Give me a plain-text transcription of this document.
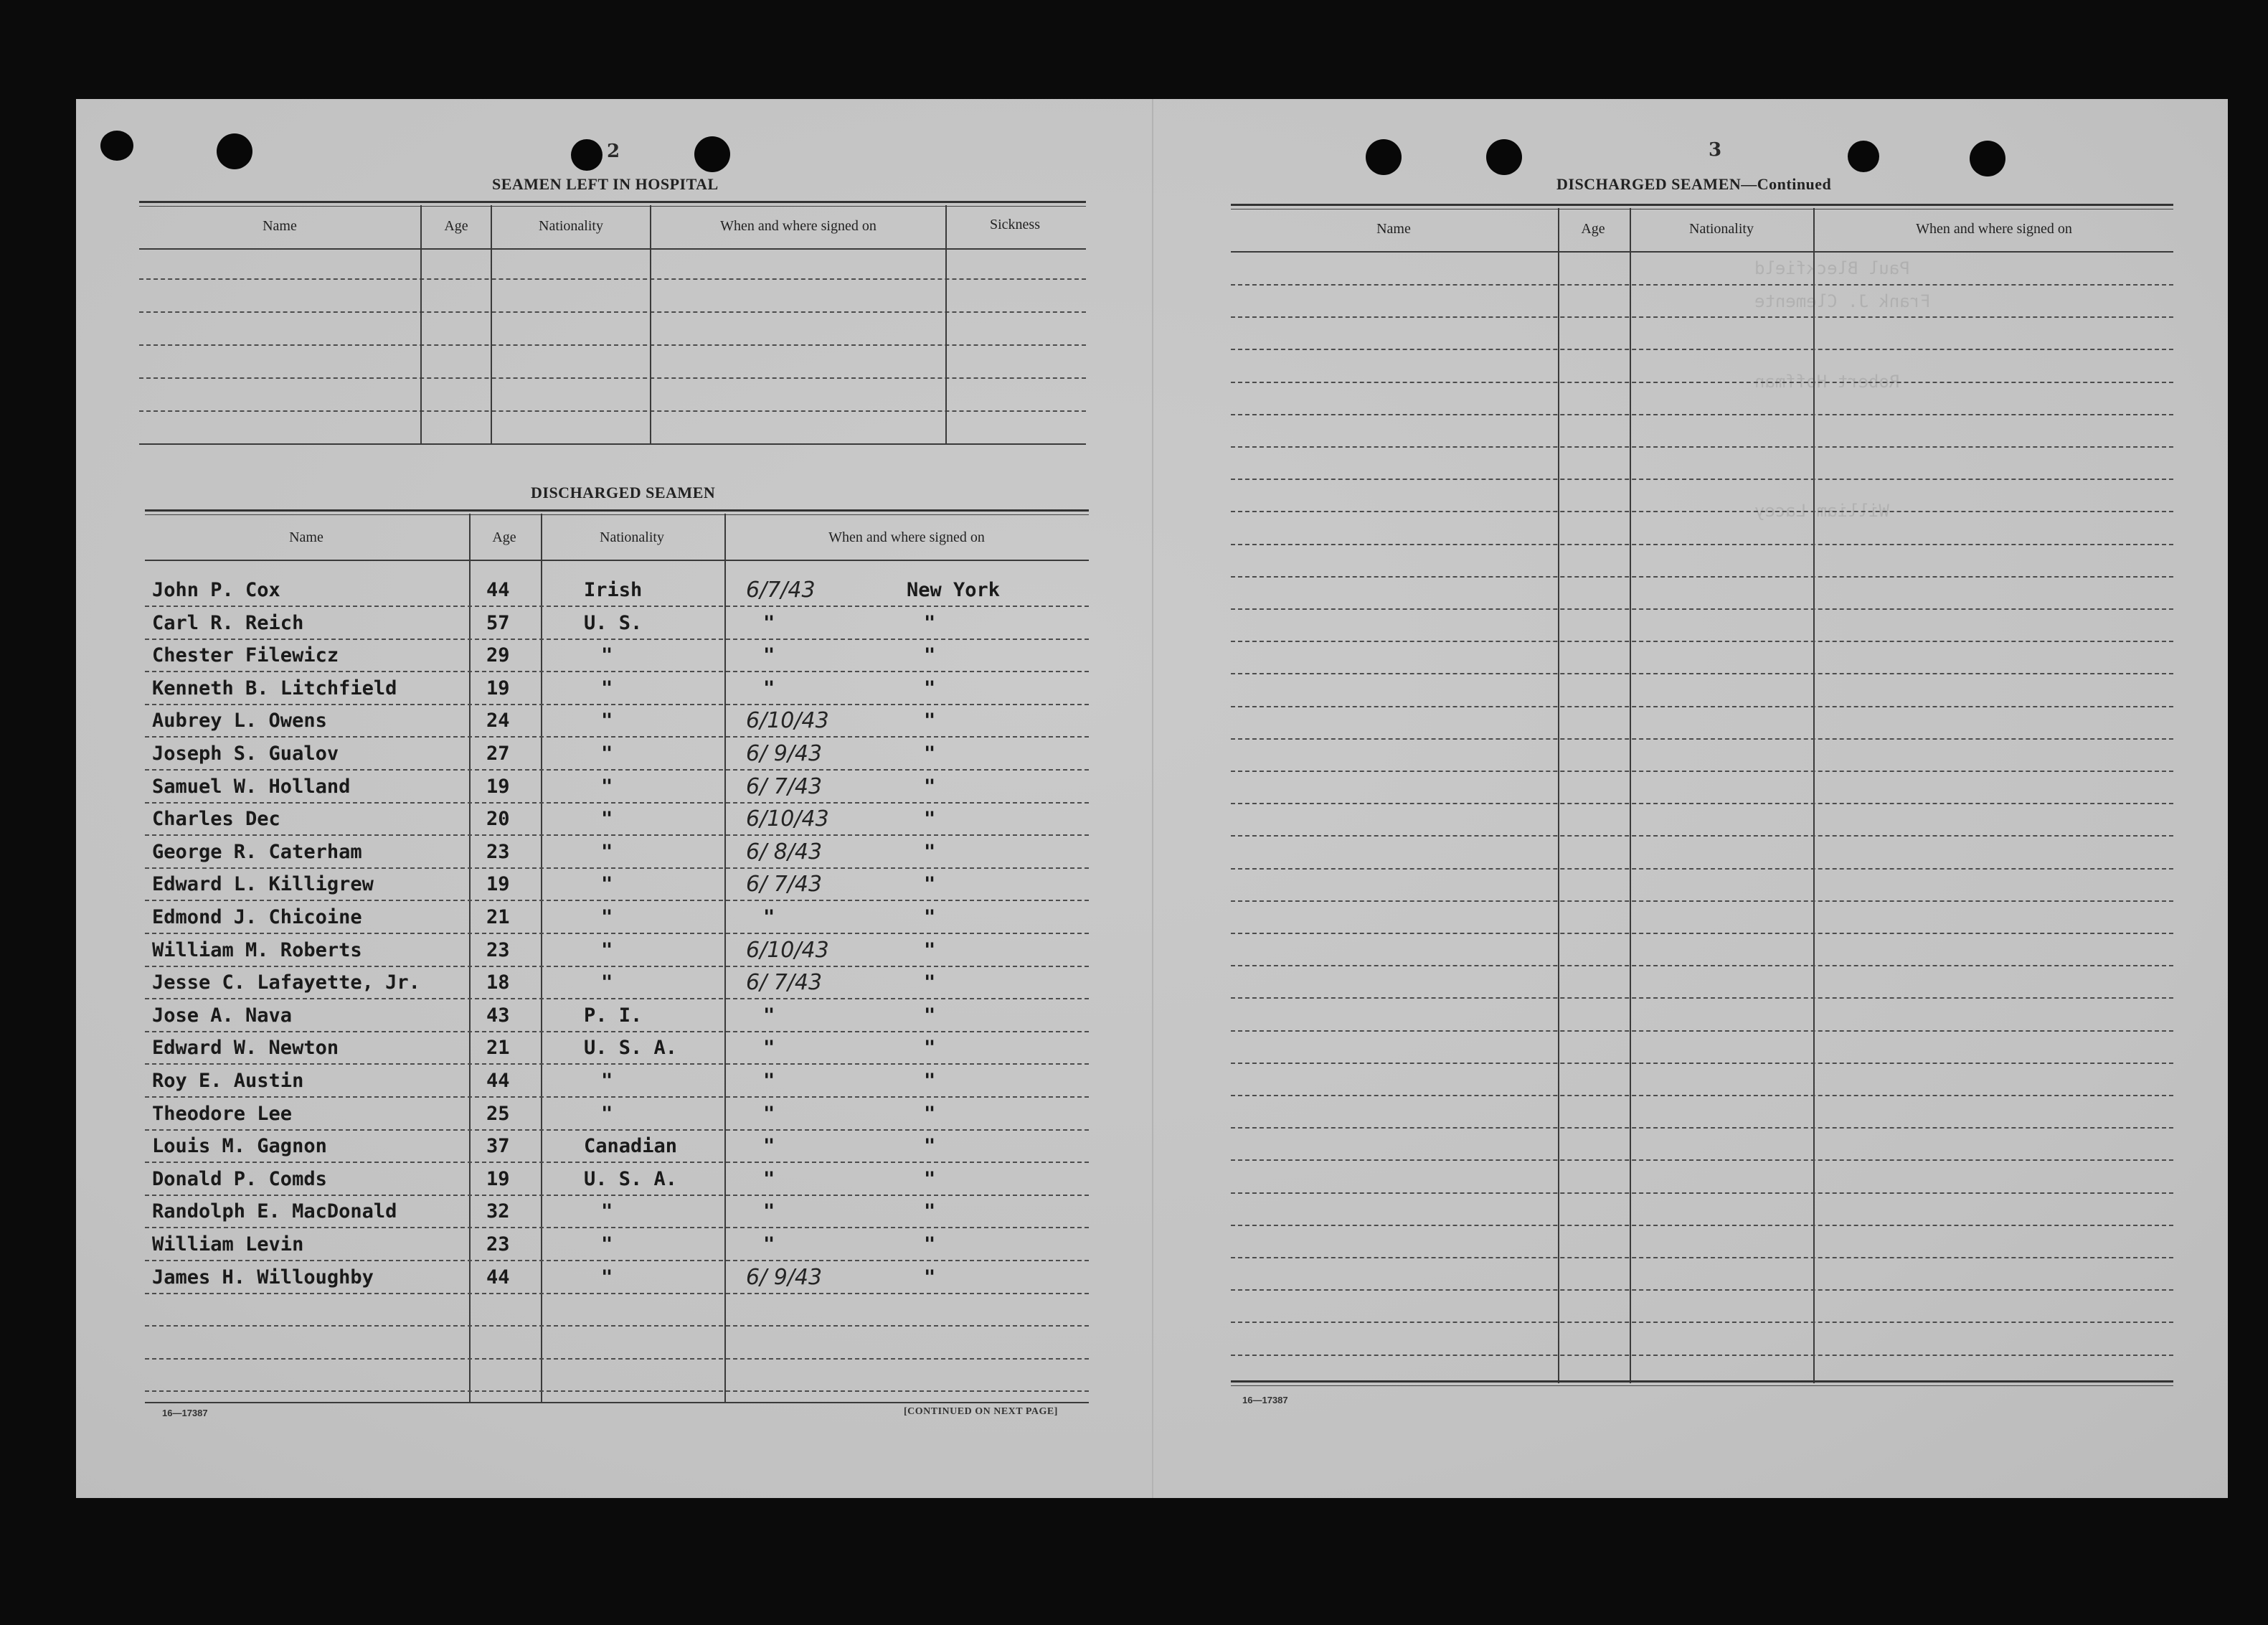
Paul Bleckfield
Frank J. Clemente
Robert Hoffman
William Lacey
2
SEAMEN LEFT IN HOSPITAL
Name	Age	Nationality	When and where signed on	Sickness
DISCHARGED SEAMEN
Name	Age	Nationality	When and where signed on
John P. Cox	44	Irish	6/7/43	New York
Carl R. Reich	57	U. S.	"	"
Chester Filewicz	29	"	"	"
Kenneth B. Litchfield	19	"	"	"
Aubrey L. Owens	24	"	6/10/43	"
Joseph S. Gualov	27	"	6/ 9/43	"
Samuel W. Holland	19	"	6/ 7/43	"
Charles Dec	20	"	6/10/43	"
George R. Caterham	23	"	6/ 8/43	"
Edward L. Killigrew	19	"	6/ 7/43	"
Edmond J. Chicoine	21	"	"	"
William M. Roberts	23	"	6/10/43	"
Jesse C. Lafayette, Jr.	18	"	6/ 7/43	"
Jose A. Nava	43	P. I.	"	"
Edward W. Newton	21	U. S. A.	"	"
Roy E. Austin	44	"	"	"
Theodore Lee	25	"	"	"
Louis M. Gagnon	37	Canadian	"	"
Donald P. Comds	19	U. S. A.	"	"
Randolph E. MacDonald	32	"	"	"
William Levin	23	"	"	"
James H. Willoughby	44	"	6/ 9/43	"
16—17387	[CONTINUED ON NEXT PAGE]
3
DISCHARGED SEAMEN—Continued
Name	Age	Nationality	When and where signed on
16—17387
